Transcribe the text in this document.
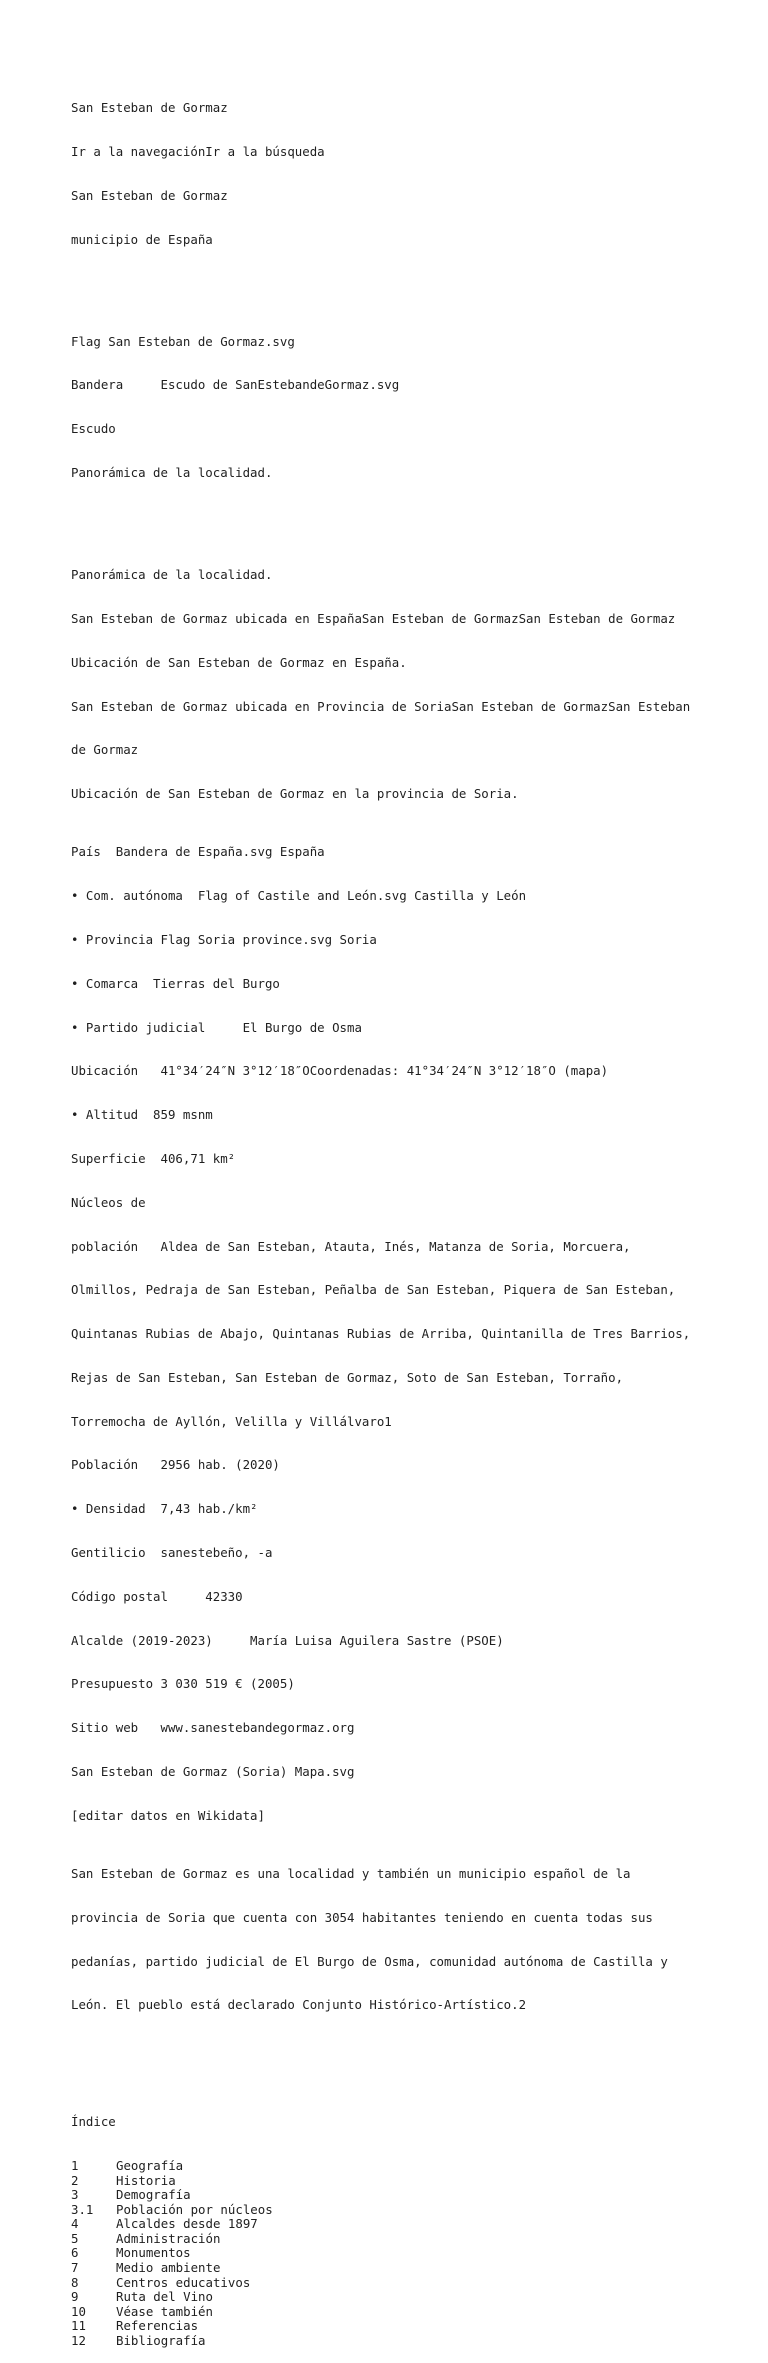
San Esteban de Gormaz

Ir a la navegaciónIr a la búsqueda

San Esteban de Gormaz

municipio de España

Flag San Esteban de Gormaz.svg

Bandera     Escudo de SanEstebandeGormaz.svg

Escudo

Panorámica de la localidad.

Panorámica de la localidad.

San Esteban de Gormaz ubicada en EspañaSan Esteban de GormazSan Esteban de Gormaz

Ubicación de San Esteban de Gormaz en España.

San Esteban de Gormaz ubicada en Provincia de SoriaSan Esteban de GormazSan Esteban

de Gormaz

Ubicación de San Esteban de Gormaz en la provincia de Soria.

País  Bandera de España.svg España

• Com. autónoma  Flag of Castile and León.svg Castilla y León

• Provincia Flag Soria province.svg Soria

• Comarca  Tierras del Burgo

• Partido judicial     El Burgo de Osma

Ubicación   41°34′24″N 3°12′18″OCoordenadas: 41°34′24″N 3°12′18″O (mapa)

• Altitud  859 msnm

Superficie  406,71 km²

Núcleos de

población   Aldea de San Esteban, Atauta, Inés, Matanza de Soria, Morcuera,

Olmillos, Pedraja de San Esteban, Peñalba de San Esteban, Piquera de San Esteban,

Quintanas Rubias de Abajo, Quintanas Rubias de Arriba, Quintanilla de Tres Barrios,

Rejas de San Esteban, San Esteban de Gormaz, Soto de San Esteban, Torraño,

Torremocha de Ayllón, Velilla y Villálvaro1

Población   2956 hab. (2020)

• Densidad  7,43 hab./km²

Gentilicio  sanestebeño, -a

Código postal     42330

Alcalde (2019-2023)     María Luisa Aguilera Sastre (PSOE)

Presupuesto 3 030 519 € (2005)

Sitio web   www.sanestebandegormaz.org

San Esteban de Gormaz (Soria) Mapa.svg

[editar datos en Wikidata]

San Esteban de Gormaz es una localidad y también un municipio español de la

provincia de Soria que cuenta con 3054 habitantes teniendo en cuenta todas sus

pedanías, partido judicial de El Burgo de Osma, comunidad autónoma de Castilla y

León. El pueblo está declarado Conjunto Histórico-Artístico.2

Índice

1	Geografía
2	Historia
3	Demografía
3.1 Población por núcleos
4	Alcaldes desde 1897
5	Administración
6	Monumentos
7	Medio ambiente
8	Centros educativos
9	Ruta del Vino
10 Véase también
11 Referencias
12 Bibliografía
